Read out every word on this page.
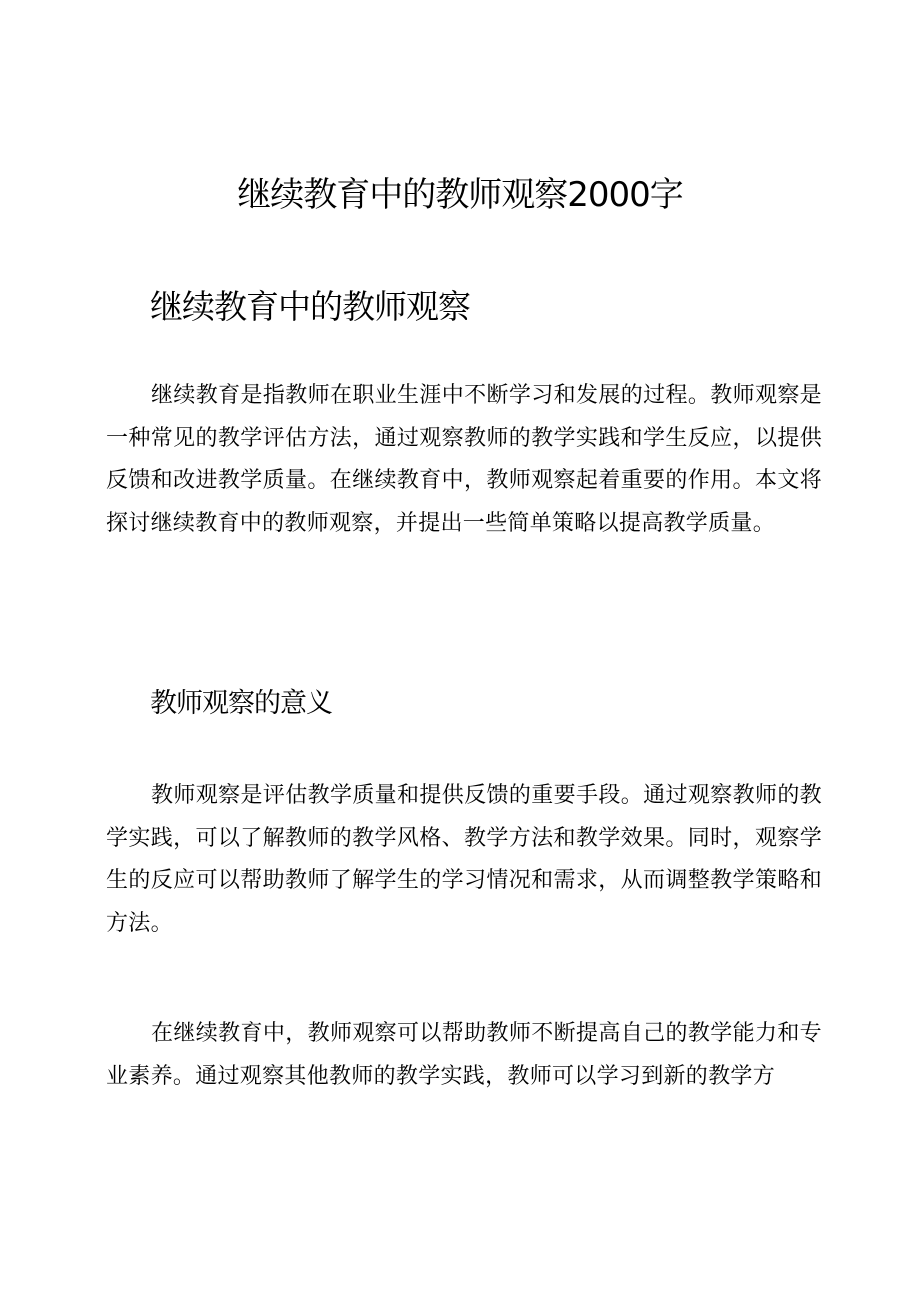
继续教育中的教师观察2000字
继续教育中的教师观察

继续教育是指教师在职业生涯中不断学习和发展的过程。教师观察是一种常见的教学评估方法，通过观察教师的教学实践和学生反应，以提供反馈和改进教学质量。在继续教育中，教师观察起着重要的作用。本文将探讨继续教育中的教师观察，并提出一些简单策略以提高教学质量。

教师观察的意义

教师观察是评估教学质量和提供反馈的重要手段。通过观察教师的教学实践，可以了解教师的教学风格、教学方法和教学效果。同时，观察学生的反应可以帮助教师了解学生的学习情况和需求，从而调整教学策略和方法。

在继续教育中，教师观察可以帮助教师不断提高自己的教学能力和专业素养。通过观察其他教师的教学实践，教师可以学习到新的教学方
